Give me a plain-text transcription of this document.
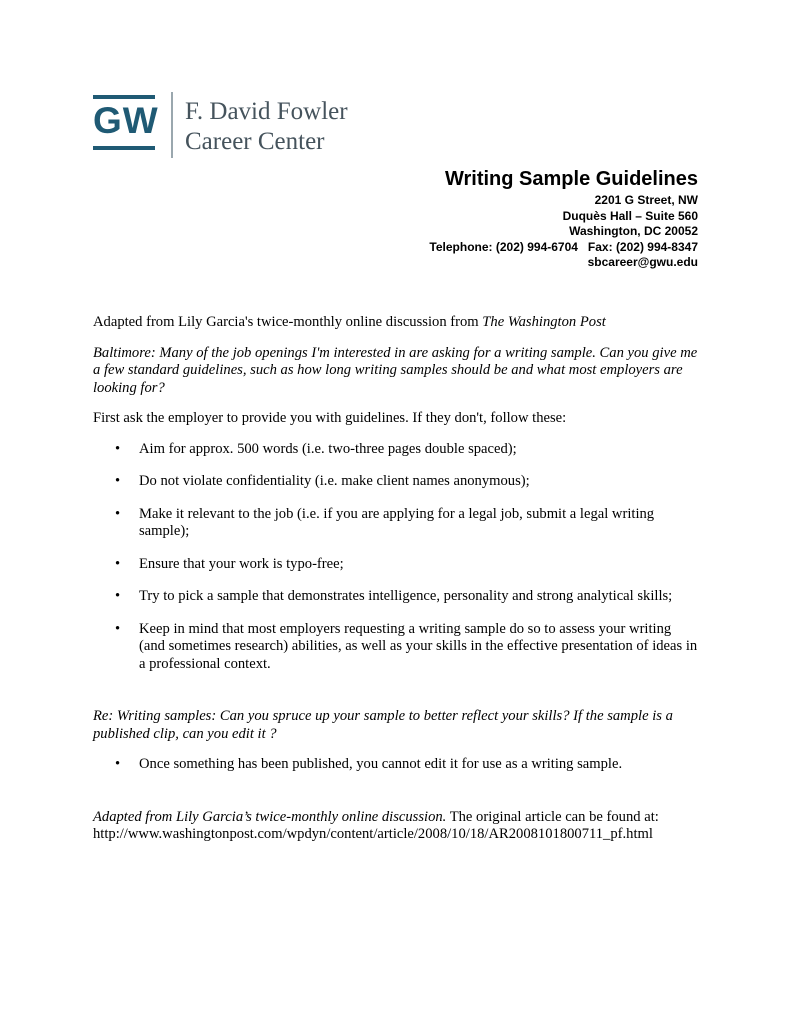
GW F. David Fowler
Career Center
Writing Sample Guidelines
2201 G Street, NW
Duquès Hall – Suite 560
Washington, DC 20052
Telephone: (202) 994-6704   Fax: (202) 994-8347
sbcareer@gwu.edu

Adapted from Lily Garcia's twice-monthly online discussion from The Washington Post

Baltimore: Many of the job openings I'm interested in are asking for a writing sample. Can you give me a few standard guidelines, such as how long writing samples should be and what most employers are looking for?

First ask the employer to provide you with guidelines. If they don't, follow these:

• Aim for approx. 500 words (i.e. two-three pages double spaced);
• Do not violate confidentiality (i.e. make client names anonymous);
• Make it relevant to the job (i.e. if you are applying for a legal job, submit a legal writing sample);
• Ensure that your work is typo-free;
• Try to pick a sample that demonstrates intelligence, personality and strong analytical skills;
• Keep in mind that most employers requesting a writing sample do so to assess your writing (and sometimes research) abilities, as well as your skills in the effective presentation of ideas in a professional context.

Re: Writing samples: Can you spruce up your sample to better reflect your skills? If the sample is a published clip, can you edit it ?

• Once something has been published, you cannot edit it for use as a writing sample.

Adapted from Lily Garcia’s twice-monthly online discussion. The original article can be found at: http://www.washingtonpost.com/wpdyn/content/article/2008/10/18/AR2008101800711_pf.html
